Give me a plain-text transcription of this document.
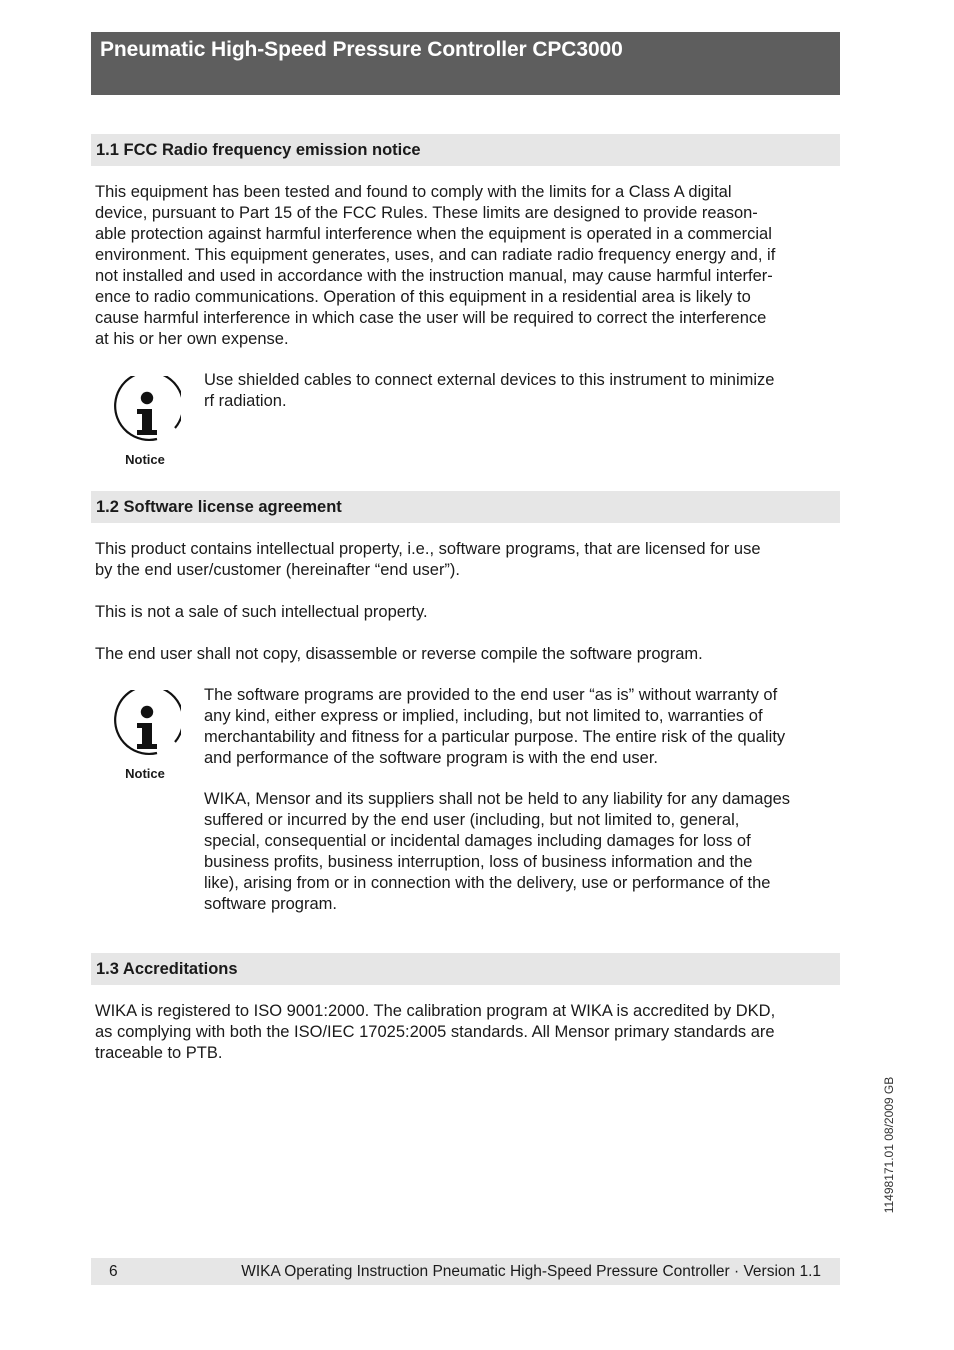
Pneumatic High-Speed Pressure Controller CPC3000
1.1 FCC Radio frequency emission notice

This equipment has been tested and found to comply with the limits for a Class A digital
device, pursuant to Part 15 of the FCC Rules. These limits are designed to provide reason-
able protection against harmful interference when the equipment is operated in a commercial
environment. This equipment generates, uses, and can radiate radio frequency energy and, if
not installed and used in accordance with the instruction manual, may cause harmful interfer-
ence to radio communications. Operation of this equipment in a residential area is likely to
cause harmful interference in which case the user will be required to correct the interference
at his or her own expense.

Notice

Use shielded cables to connect external devices to this instrument to minimize
rf radiation.

1.2 Software license agreement

This product contains intellectual property, i.e., software programs, that are licensed for use
by the end user/customer (hereinafter “end user”).

This is not a sale of such intellectual property.

The end user shall not copy, disassemble or reverse compile the software program.

Notice

The software programs are provided to the end user “as is” without warranty of
any kind, either express or implied, including, but not limited to, warranties of
merchantability and fitness for a particular purpose. The entire risk of the quality
and performance of the software program is with the end user.

WIKA, Mensor and its suppliers shall not be held to any liability for any damages
suffered or incurred by the end user (including, but not limited to, general,
special, consequential or incidental damages including damages for loss of
business profits, business interruption, loss of business information and the
like), arising from or in connection with the delivery, use or performance of the
software program.

1.3 Accreditations

WIKA is registered to ISO 9001:2000. The calibration program at WIKA is accredited by DKD,
as complying with both the ISO/IEC 17025:2005 standards. All Mensor primary standards are
traceable to PTB.

11498171.01 08/2009 GB
6	WIKA Operating Instruction Pneumatic High-Speed Pressure Controller · Version 1.1
